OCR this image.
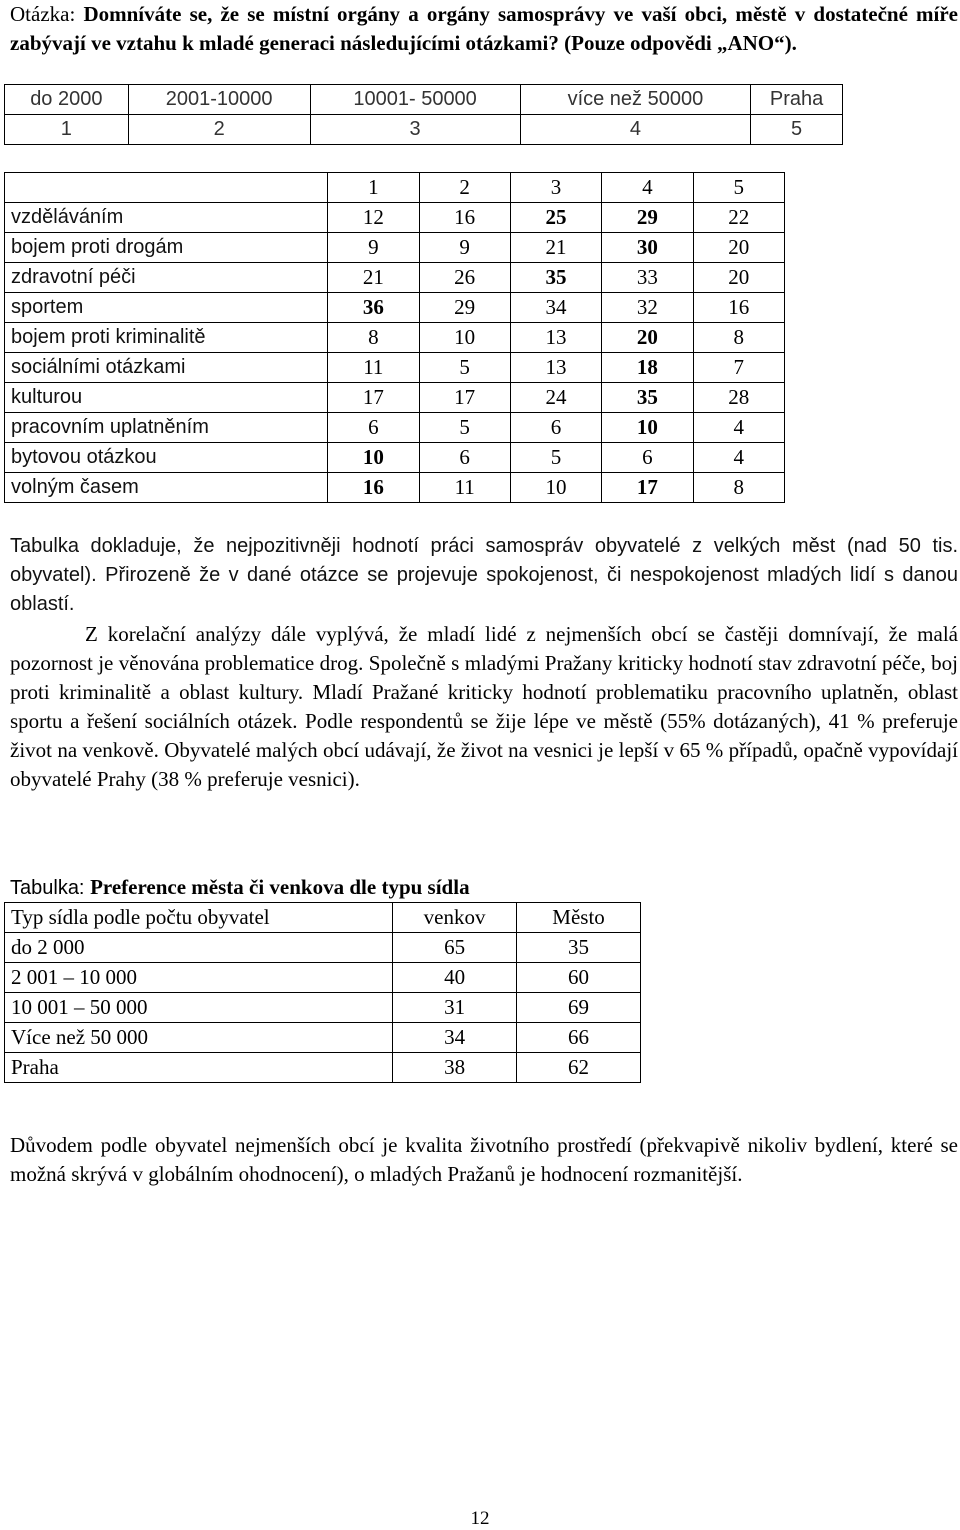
Otázka: Domníváte se, že se místní orgány a orgány samosprávy ve vaší obci, městě v dostatečné míře zabývají ve vztahu k mladé generaci následujícími otázkami? (Pouze odpovědi „ANO“).

do 2000	2001-10000	10001- 50000	více než 50000	Praha
1	2	3	4	5
	1	2	3	4	5
vzděláváním	12	16	25	29	22
bojem proti drogám	9	9	21	30	20
zdravotní péči	21	26	35	33	20
sportem	36	29	34	32	16
bojem proti kriminalitě	8	10	13	20	8
sociálními otázkami	11	5	13	18	7
kulturou	17	17	24	35	28
pracovním uplatněním	6	5	6	10	4
bytovou otázkou	10	6	5	6	4
volným časem	16	11	10	17	8

Tabulka dokladuje, že nejpozitivněji hodnotí práci samospráv obyvatelé z velkých měst (nad 50 tis. obyvatel). Přirozeně že v dané otázce se projevuje spokojenost, či nespokojenost mladých lidí s danou oblastí.

Z korelační analýzy dále vyplývá, že mladí lidé z nejmenších obcí se častěji domnívají, že malá pozornost je věnována problematice drog. Společně s mladými Pražany kriticky hodnotí stav zdravotní péče, boj proti kriminalitě a oblast kultury. Mladí Pražané kriticky hodnotí problematiku pracovního uplatněn, oblast sportu a řešení sociálních otázek. Podle respondentů se žije lépe ve městě (55% dotázaných), 41 % preferuje život na venkově. Obyvatelé malých obcí udávají, že život na vesnici je lepší v 65 % případů, opačně vypovídají obyvatelé Prahy (38 % preferuje vesnici).

Tabulka: Preference města či venkova dle typu sídla

Typ sídla podle počtu obyvatel	venkov	Město
do 2 000	65	35
2 001 – 10 000	40	60
10 001 – 50 000	31	69
Více než 50 000	34	66
Praha	38	62

Důvodem podle obyvatel nejmenších obcí je kvalita životního prostředí (překvapivě nikoliv bydlení, které se možná skrývá v globálním ohodnocení), o mladých Pražanů je hodnocení rozmanitější.

12
